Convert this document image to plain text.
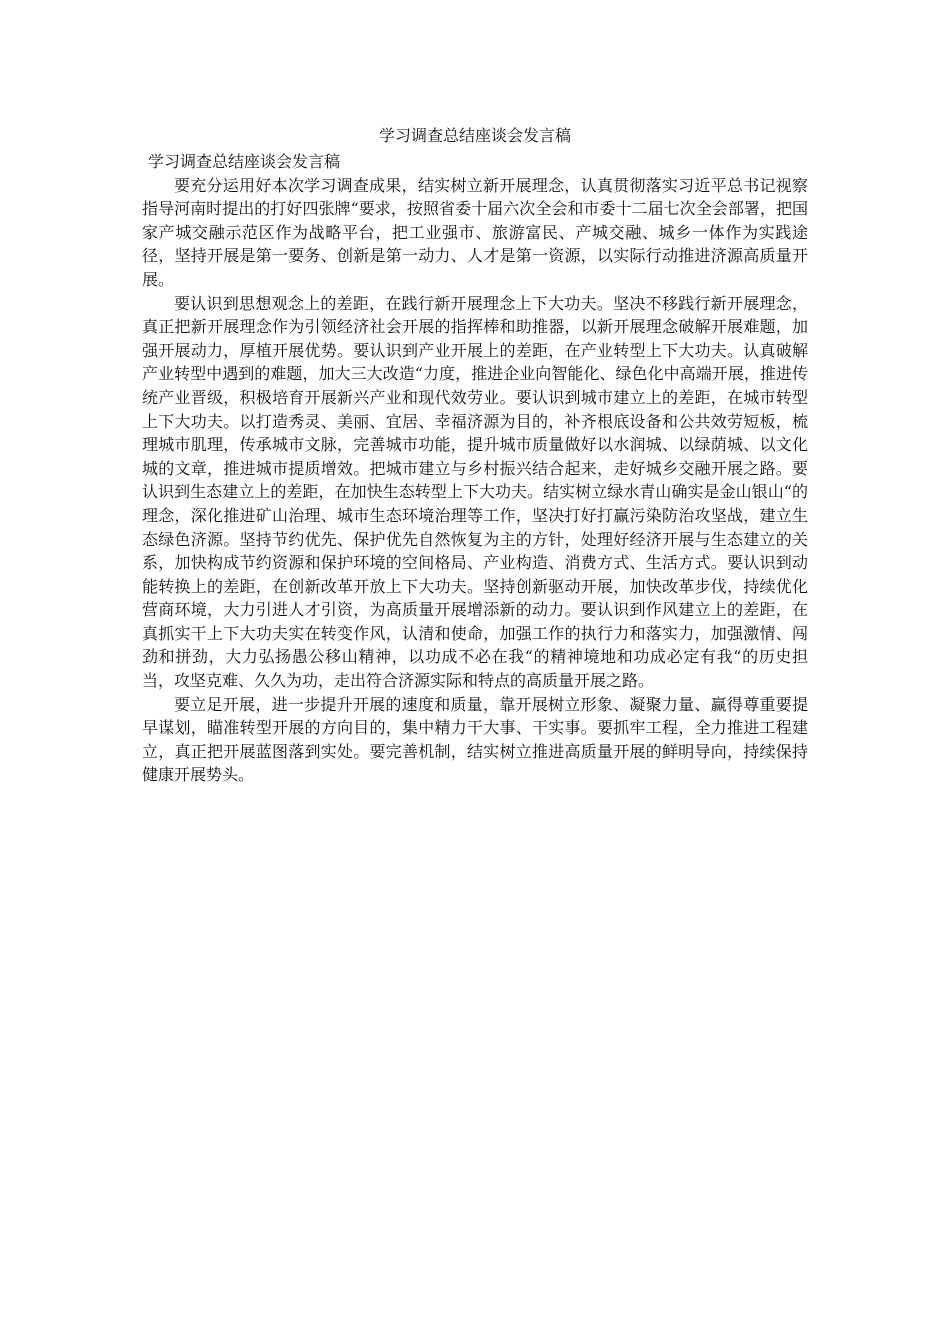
学习调查总结座谈会发言稿

学习调查总结座谈会发言稿

要充分运用好本次学习调查成果，结实树立新开展理念，认真贯彻落实习近平总书记视察指导河南时提出的打好四张牌“要求，按照省委十届六次全会和市委十二届七次全会部署，把国家产城交融示范区作为战略平台，把工业强市、旅游富民、产城交融、城乡一体作为实践途径，坚持开展是第一要务、创新是第一动力、人才是第一资源，以实际行动推进济源高质量开展。

要认识到思想观念上的差距，在践行新开展理念上下大功夫。坚决不移践行新开展理念，真正把新开展理念作为引领经济社会开展的指挥棒和助推器，以新开展理念破解开展难题，加强开展动力，厚植开展优势。要认识到产业开展上的差距，在产业转型上下大功夫。认真破解产业转型中遇到的难题，加大三大改造“力度，推进企业向智能化、绿色化中高端开展，推进传统产业晋级，积极培育开展新兴产业和现代效劳业。要认识到城市建立上的差距，在城市转型上下大功夫。以打造秀灵、美丽、宜居、幸福济源为目的，补齐根底设备和公共效劳短板，梳理城市肌理，传承城市文脉，完善城市功能，提升城市质量做好以水润城、以绿荫城、以文化城的文章，推进城市提质增效。把城市建立与乡村振兴结合起来，走好城乡交融开展之路。要认识到生态建立上的差距，在加快生态转型上下大功夫。结实树立绿水青山确实是金山银山“的理念，深化推进矿山治理、城市生态环境治理等工作，坚决打好打赢污染防治攻坚战，建立生态绿色济源。坚持节约优先、保护优先自然恢复为主的方针，处理好经济开展与生态建立的关系，加快构成节约资源和保护环境的空间格局、产业构造、消费方式、生活方式。要认识到动能转换上的差距，在创新改革开放上下大功夫。坚持创新驱动开展，加快改革步伐，持续优化营商环境，大力引进人才引资，为高质量开展增添新的动力。要认识到作风建立上的差距，在真抓实干上下大功夫实在转变作风，认清和使命，加强工作的执行力和落实力，加强激情、闯劲和拼劲，大力弘扬愚公移山精神，以功成不必在我“的精神境地和功成必定有我“的历史担当，攻坚克难、久久为功，走出符合济源实际和特点的高质量开展之路。

要立足开展，进一步提升开展的速度和质量，靠开展树立形象、凝聚力量、赢得尊重要提早谋划，瞄准转型开展的方向目的，集中精力干大事、干实事。要抓牢工程，全力推进工程建立，真正把开展蓝图落到实处。要完善机制，结实树立推进高质量开展的鲜明导向，持续保持健康开展势头。
